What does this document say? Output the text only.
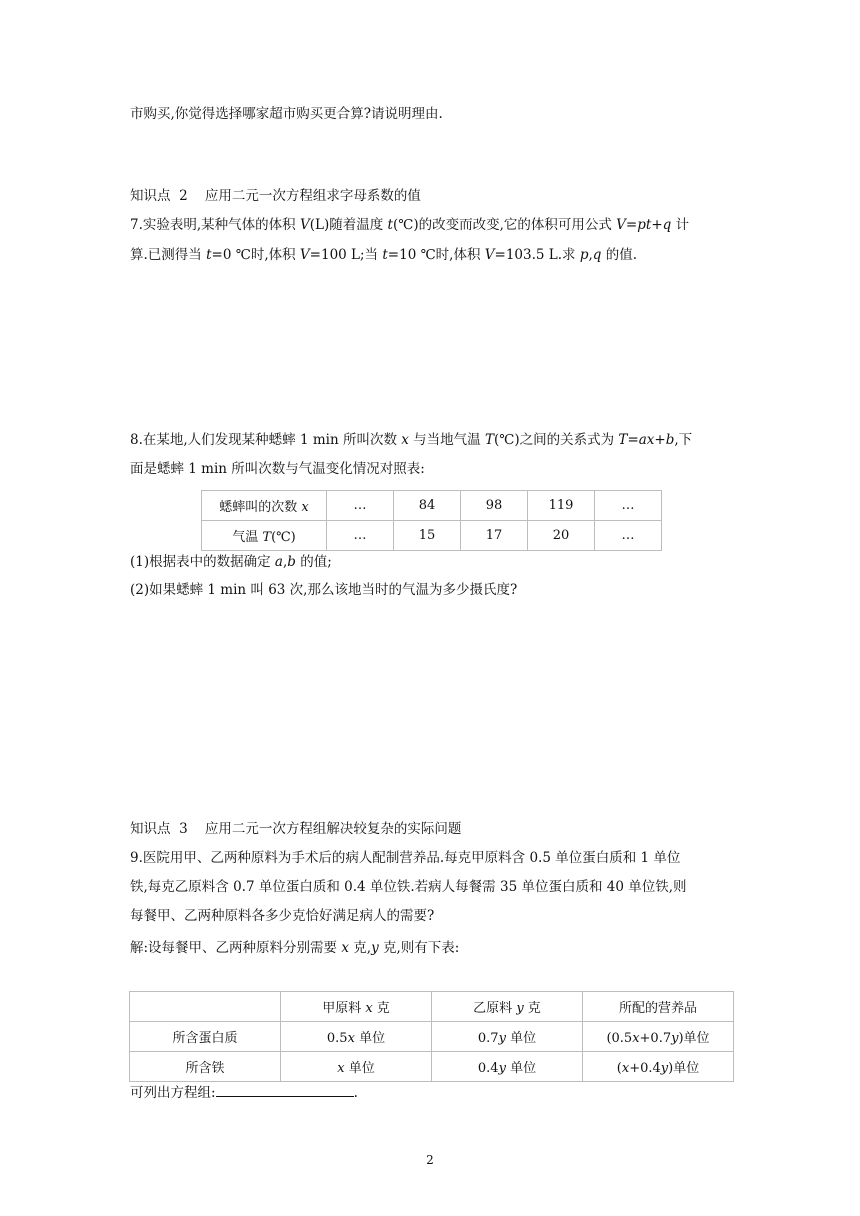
市购买,你觉得选择哪家超市购买更合算?请说明理由.
知识点  2    应用二元一次方程组求字母系数的值
7.实验表明,某种气体的体积 V(L)随着温度 t(℃)的改变而改变,它的体积可用公式 V=pt+q 计
算.已测得当 t=0 ℃时,体积 V=100 L;当 t=10 ℃时,体积 V=103.5 L.求 p,q 的值.
8.在某地,人们发现某种蟋蟀 1 min 所叫次数 x 与当地气温 T(℃)之间的关系式为 T=ax+b,下
面是蟋蟀 1 min 所叫次数与气温变化情况对照表:
蟋蟀叫的次数 x	…	84	98	119	…
气温 T(℃)	…	15	17	20	…
(1)根据表中的数据确定 a,b 的值;
(2)如果蟋蟀 1 min 叫 63 次,那么该地当时的气温为多少摄氏度?
知识点  3    应用二元一次方程组解决较复杂的实际问题
9.医院用甲、乙两种原料为手术后的病人配制营养品.每克甲原料含 0.5 单位蛋白质和 1 单位
铁,每克乙原料含 0.7 单位蛋白质和 0.4 单位铁.若病人每餐需 35 单位蛋白质和 40 单位铁,则
每餐甲、乙两种原料各多少克恰好满足病人的需要?
解:设每餐甲、乙两种原料分别需要 x 克,y 克,则有下表:
	甲原料 x 克	乙原料 y 克	所配的营养品
所含蛋白质	0.5x 单位	0.7y 单位	(0.5x+0.7y)单位
所含铁	x 单位	0.4y 单位	(x+0.4y)单位
可列出方程组:	.
2
